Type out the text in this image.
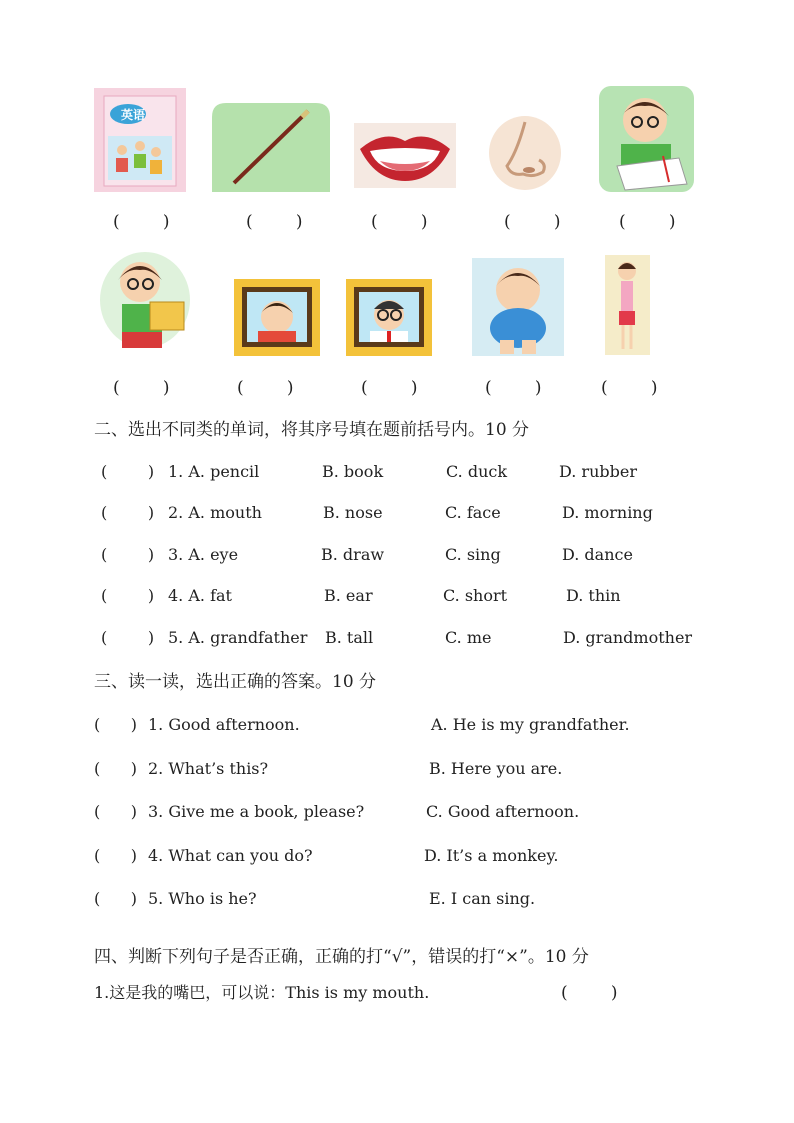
英语
(        )	(        )	(        )	(        )	(        )
(        )	(        )	(        )	(        )	(        )
二、选出不同类的单词，将其序号填在题前括号内。10 分
(        ) 1. A. pencil	B. book	C. duck	D. rubber
(        ) 2. A. mouth	B. nose	C. face	D. morning
(        ) 3. A. eye	B. draw	C. sing	D. dance
(        ) 4. A. fat	B. ear	C. short	D. thin
(        ) 5. A. grandfather B. tall	C. me	D. grandmother
三、读一读，选出正确的答案。10 分
(      ) 1. Good afternoon.	A. He is my grandfather.
(      ) 2. What’s this?	B. Here you are.
(      ) 3. Give me a book, please?	C. Good afternoon.
(      ) 4. What can you do?	D. It’s a monkey.
(      ) 5. Who is he?	E. I can sing.
四、判断下列句子是否正确，正确的打“√”，错误的打“×”。10 分
1.这是我的嘴巴，可以说：This is my mouth.	(        )
